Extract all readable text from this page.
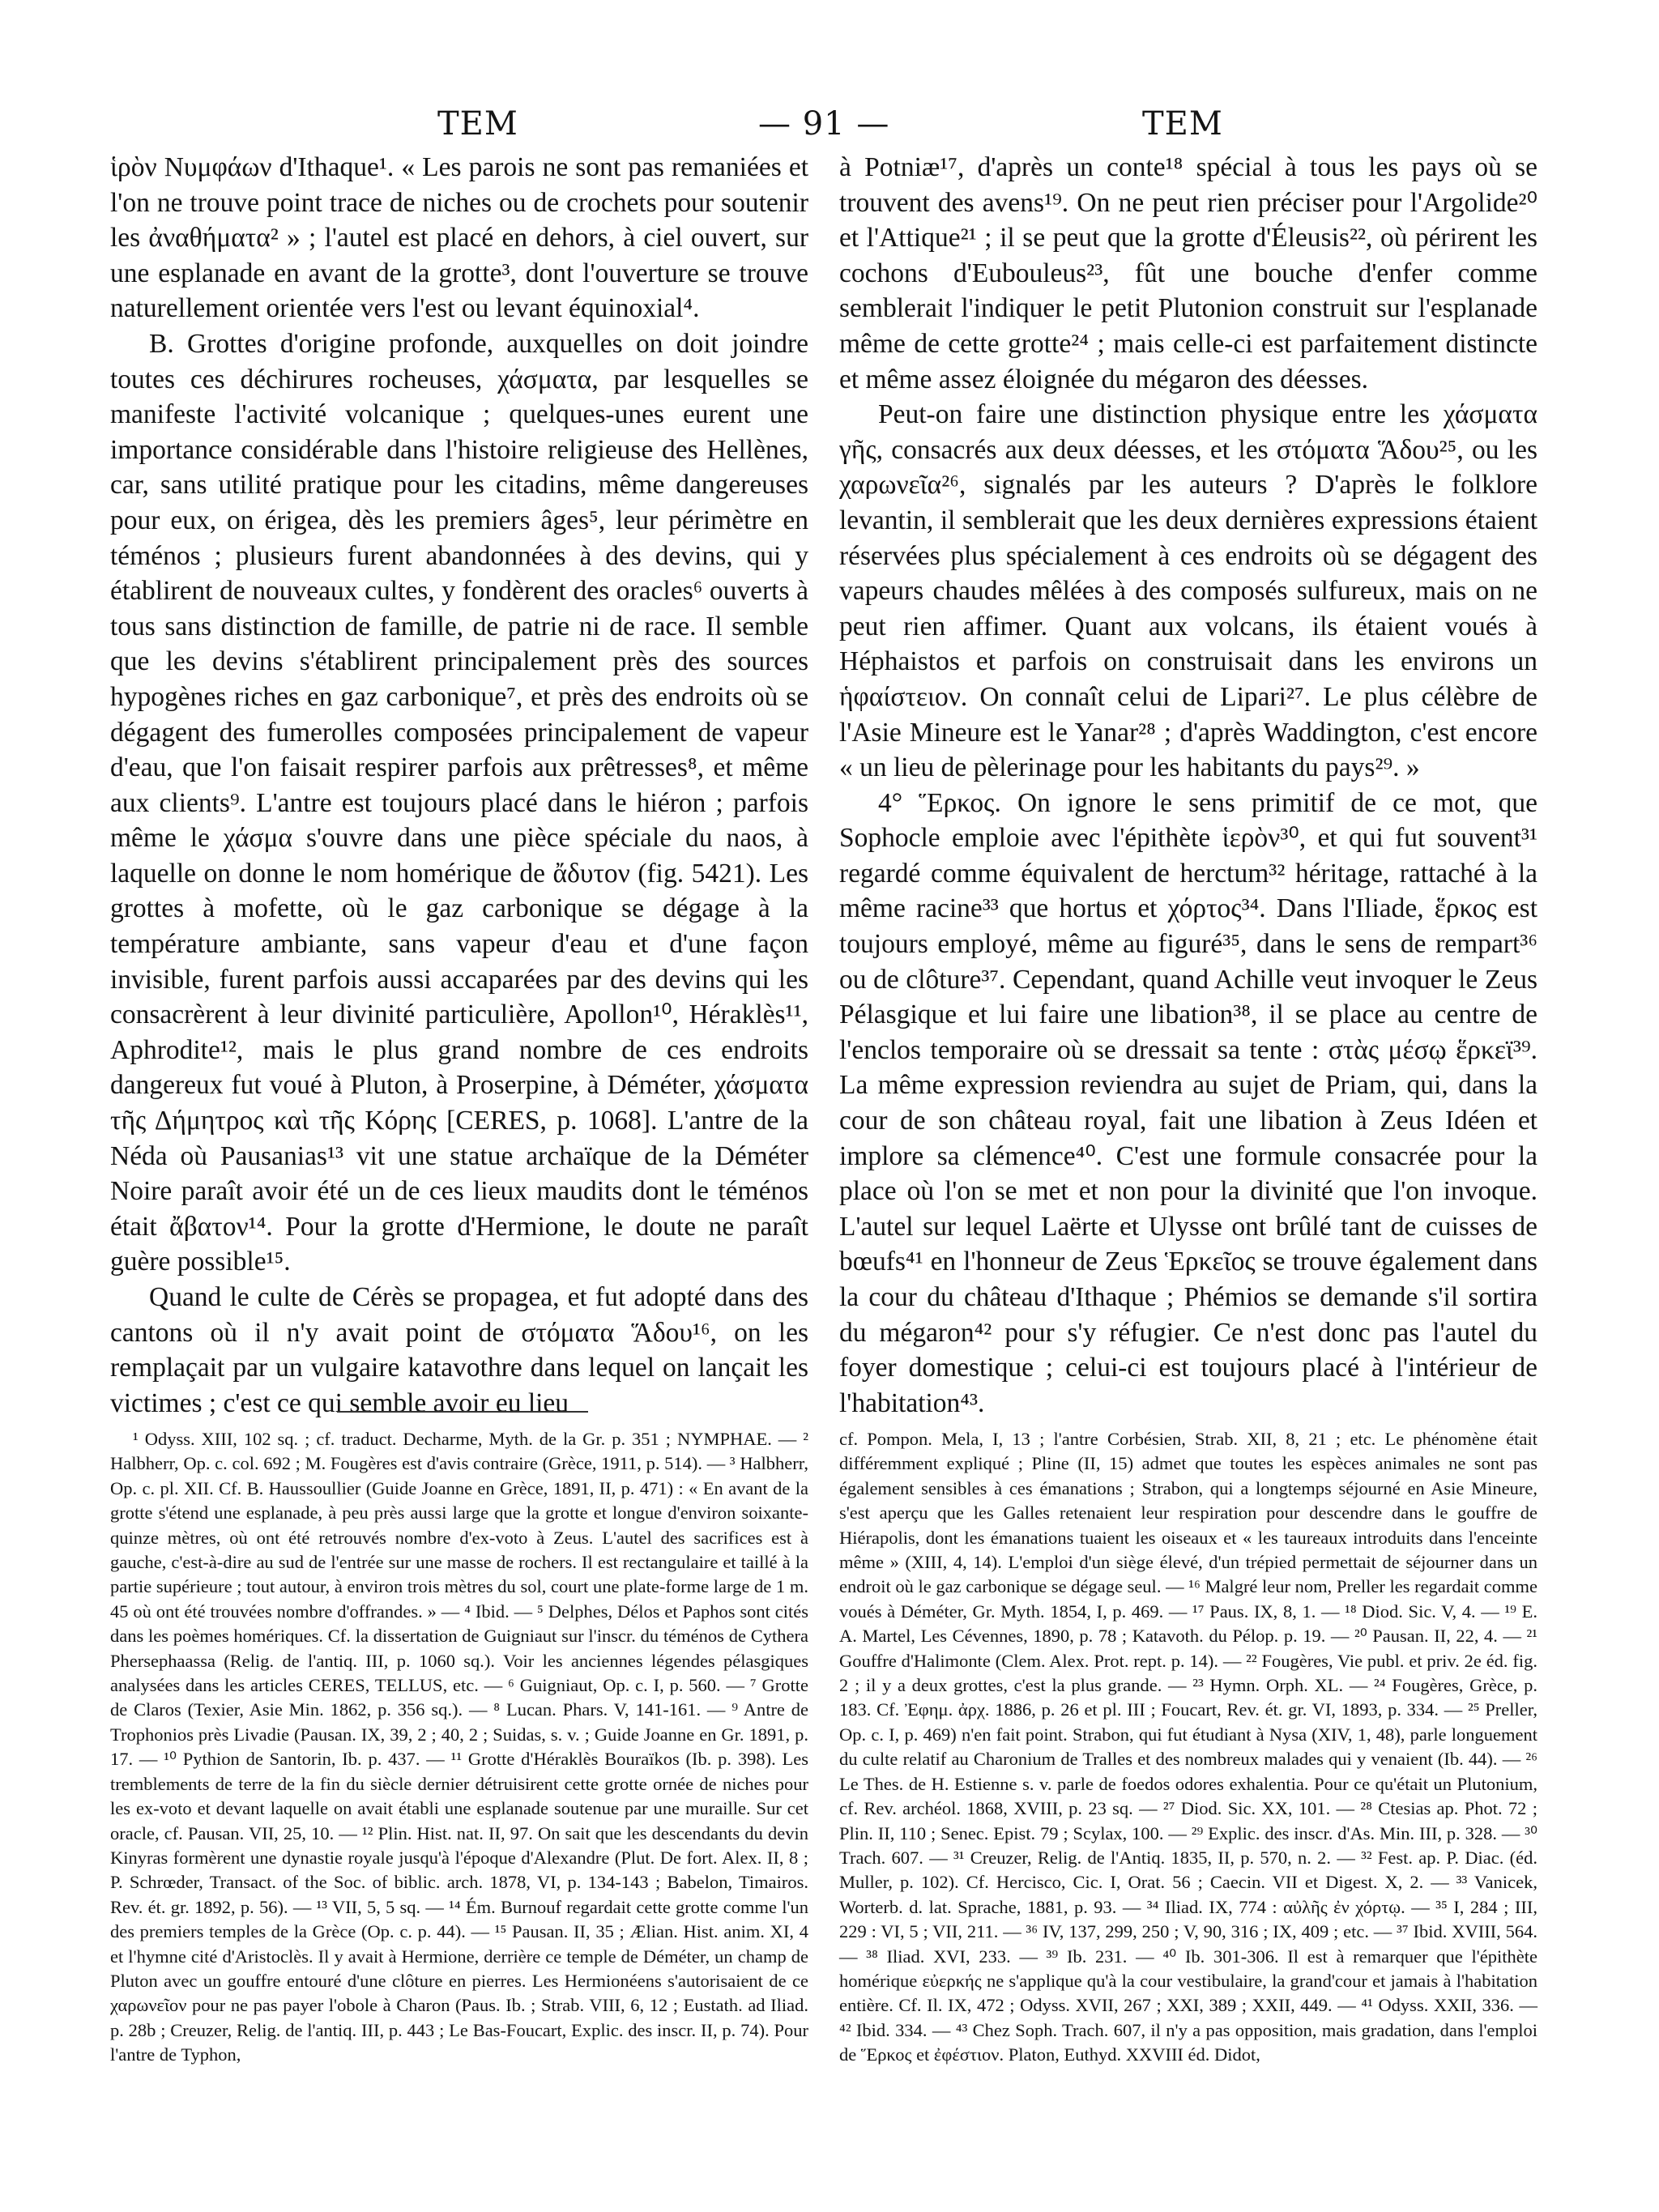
TEM	— 91 —	TEM

ἱρὸν Νυμφάων d'Ithaque¹. « Les parois ne sont pas remaniées et l'on ne trouve point trace de niches ou de crochets pour soutenir les ἀναθήματα² » ; l'autel est placé en dehors, à ciel ouvert, sur une esplanade en avant de la grotte³, dont l'ouverture se trouve naturellement orientée vers l'est ou levant équinoxial⁴.

B. Grottes d'origine profonde, auxquelles on doit joindre toutes ces déchirures rocheuses, χάσματα, par lesquelles se manifeste l'activité volcanique ; quelques-unes eurent une importance considérable dans l'histoire religieuse des Hellènes, car, sans utilité pratique pour les citadins, même dangereuses pour eux, on érigea, dès les premiers âges⁵, leur périmètre en téménos ; plusieurs furent abandonnées à des devins, qui y établirent de nouveaux cultes, y fondèrent des oracles⁶ ouverts à tous sans distinction de famille, de patrie ni de race. Il semble que les devins s'établirent principalement près des sources hypogènes riches en gaz carbonique⁷, et près des endroits où se dégagent des fumerolles composées principalement de vapeur d'eau, que l'on faisait respirer parfois aux prêtresses⁸, et même aux clients⁹. L'antre est toujours placé dans le hiéron ; parfois même le χάσμα s'ouvre dans une pièce spéciale du naos, à laquelle on donne le nom homérique de ἄδυτον (fig. 5421). Les grottes à mofette, où le gaz carbonique se dégage à la température ambiante, sans vapeur d'eau et d'une façon invisible, furent parfois aussi accaparées par des devins qui les consacrèrent à leur divinité particulière, Apollon¹⁰, Héraklès¹¹, Aphrodite¹², mais le plus grand nombre de ces endroits dangereux fut voué à Pluton, à Proserpine, à Déméter, χάσματα τῆς Δήμητρος καὶ τῆς Κόρης [CERES, p. 1068]. L'antre de la Néda où Pausanias¹³ vit une statue archaïque de la Déméter Noire paraît avoir été un de ces lieux maudits dont le téménos était ἄβατον¹⁴. Pour la grotte d'Hermione, le doute ne paraît guère possible¹⁵.

Quand le culte de Cérès se propagea, et fut adopté dans des cantons où il n'y avait point de στόματα Ἅδου¹⁶, on les remplaçait par un vulgaire katavothre dans lequel on lançait les victimes ; c'est ce qui semble avoir eu lieu

à Potniæ¹⁷, d'après un conte¹⁸ spécial à tous les pays où se trouvent des avens¹⁹. On ne peut rien préciser pour l'Argolide²⁰ et l'Attique²¹ ; il se peut que la grotte d'Éleusis²², où périrent les cochons d'Eubouleus²³, fût une bouche d'enfer comme semblerait l'indiquer le petit Plutonion construit sur l'esplanade même de cette grotte²⁴ ; mais celle-ci est parfaitement distincte et même assez éloignée du mégaron des déesses.

Peut-on faire une distinction physique entre les χάσματα γῆς, consacrés aux deux déesses, et les στόματα Ἅδου²⁵, ou les χαρωνεῖα²⁶, signalés par les auteurs ? D'après le folklore levantin, il semblerait que les deux dernières expressions étaient réservées plus spécialement à ces endroits où se dégagent des vapeurs chaudes mêlées à des composés sulfureux, mais on ne peut rien affimer. Quant aux volcans, ils étaient voués à Héphaistos et parfois on construisait dans les environs un ἡφαίστειον. On connaît celui de Lipari²⁷. Le plus célèbre de l'Asie Mineure est le Yanar²⁸ ; d'après Waddington, c'est encore « un lieu de pèlerinage pour les habitants du pays²⁹. »

4° Ἕρκος. On ignore le sens primitif de ce mot, que Sophocle emploie avec l'épithète ἱερὸν³⁰, et qui fut souvent³¹ regardé comme équivalent de herctum³² héritage, rattaché à la même racine³³ que hortus et χόρτος³⁴. Dans l'Iliade, ἕρκος est toujours employé, même au figuré³⁵, dans le sens de rempart³⁶ ou de clôture³⁷. Cependant, quand Achille veut invoquer le Zeus Pélasgique et lui faire une libation³⁸, il se place au centre de l'enclos temporaire où se dressait sa tente : στὰς μέσῳ ἕρκεϊ³⁹. La même expression reviendra au sujet de Priam, qui, dans la cour de son château royal, fait une libation à Zeus Idéen et implore sa clémence⁴⁰. C'est une formule consacrée pour la place où l'on se met et non pour la divinité que l'on invoque. L'autel sur lequel Laërte et Ulysse ont brûlé tant de cuisses de bœufs⁴¹ en l'honneur de Zeus Ἑρκεῖος se trouve également dans la cour du château d'Ithaque ; Phémios se demande s'il sortira du mégaron⁴² pour s'y réfugier. Ce n'est donc pas l'autel du foyer domestique ; celui-ci est toujours placé à l'intérieur de l'habitation⁴³.

¹ Odyss. XIII, 102 sq. ; cf. traduct. Decharme, Myth. de la Gr. p. 351 ; NYMPHAE. — ² Halbherr, Op. c. col. 692 ; M. Fougères est d'avis contraire (Grèce, 1911, p. 514). — ³ Halbherr, Op. c. pl. XII. Cf. B. Haussoullier (Guide Joanne en Grèce, 1891, II, p. 471) : « En avant de la grotte s'étend une esplanade, à peu près aussi large que la grotte et longue d'environ soixante-quinze mètres, où ont été retrouvés nombre d'ex-voto à Zeus. L'autel des sacrifices est à gauche, c'est-à-dire au sud de l'entrée sur une masse de rochers. Il est rectangulaire et taillé à la partie supérieure ; tout autour, à environ trois mètres du sol, court une plate-forme large de 1 m. 45 où ont été trouvées nombre d'offrandes. » — ⁴ Ibid. — ⁵ Delphes, Délos et Paphos sont cités dans les poèmes homériques. Cf. la dissertation de Guigniaut sur l'inscr. du téménos de Cythera Phersephaassa (Relig. de l'antiq. III, p. 1060 sq.). Voir les anciennes légendes pélasgiques analysées dans les articles CERES, TELLUS, etc. — ⁶ Guigniaut, Op. c. I, p. 560. — ⁷ Grotte de Claros (Texier, Asie Min. 1862, p. 356 sq.). — ⁸ Lucan. Phars. V, 141-161. — ⁹ Antre de Trophonios près Livadie (Pausan. IX, 39, 2 ; 40, 2 ; Suidas, s. v. ; Guide Joanne en Gr. 1891, p. 17. — ¹⁰ Pythion de Santorin, Ib. p. 437. — ¹¹ Grotte d'Héraklès Bouraïkos (Ib. p. 398). Les tremblements de terre de la fin du siècle dernier détruisirent cette grotte ornée de niches pour les ex-voto et devant laquelle on avait établi une esplanade soutenue par une muraille. Sur cet oracle, cf. Pausan. VII, 25, 10. — ¹² Plin. Hist. nat. II, 97. On sait que les descendants du devin Kinyras formèrent une dynastie royale jusqu'à l'époque d'Alexandre (Plut. De fort. Alex. II, 8 ; P. Schrœder, Transact. of the Soc. of biblic. arch. 1878, VI, p. 134-143 ; Babelon, Timairos. Rev. ét. gr. 1892, p. 56). — ¹³ VII, 5, 5 sq. — ¹⁴ Ém. Burnouf regardait cette grotte comme l'un des premiers temples de la Grèce (Op. c. p. 44). — ¹⁵ Pausan. II, 35 ; Ælian. Hist. anim. XI, 4 et l'hymne cité d'Aristoclès. Il y avait à Hermione, derrière ce temple de Déméter, un champ de Pluton avec un gouffre entouré d'une clôture en pierres. Les Hermionéens s'autorisaient de ce χαρωνεῖον pour ne pas payer l'obole à Charon (Paus. Ib. ; Strab. VIII, 6, 12 ; Eustath. ad Iliad. p. 28b ; Creuzer, Relig. de l'antiq. III, p. 443 ; Le Bas-Foucart, Explic. des inscr. II, p. 74). Pour l'antre de Typhon,

cf. Pompon. Mela, I, 13 ; l'antre Corbésien, Strab. XII, 8, 21 ; etc. Le phénomène était différemment expliqué ; Pline (II, 15) admet que toutes les espèces animales ne sont pas également sensibles à ces émanations ; Strabon, qui a longtemps séjourné en Asie Mineure, s'est aperçu que les Galles retenaient leur respiration pour descendre dans le gouffre de Hiérapolis, dont les émanations tuaient les oiseaux et « les taureaux introduits dans l'enceinte même » (XIII, 4, 14). L'emploi d'un siège élevé, d'un trépied permettait de séjourner dans un endroit où le gaz carbonique se dégage seul. — ¹⁶ Malgré leur nom, Preller les regardait comme voués à Déméter, Gr. Myth. 1854, I, p. 469. — ¹⁷ Paus. IX, 8, 1. — ¹⁸ Diod. Sic. V, 4. — ¹⁹ E. A. Martel, Les Cévennes, 1890, p. 78 ; Katavoth. du Pélop. p. 19. — ²⁰ Pausan. II, 22, 4. — ²¹ Gouffre d'Halimonte (Clem. Alex. Prot. rept. p. 14). — ²² Fougères, Vie publ. et priv. 2e éd. fig. 2 ; il y a deux grottes, c'est la plus grande. — ²³ Hymn. Orph. XL. — ²⁴ Fougères, Grèce, p. 183. Cf. Ἐφημ. ἀρχ. 1886, p. 26 et pl. III ; Foucart, Rev. ét. gr. VI, 1893, p. 334. — ²⁵ Preller, Op. c. I, p. 469) n'en fait point. Strabon, qui fut étudiant à Nysa (XIV, 1, 48), parle longuement du culte relatif au Charonium de Tralles et des nombreux malades qui y venaient (Ib. 44). — ²⁶ Le Thes. de H. Estienne s. v. parle de foedos odores exhalentia. Pour ce qu'était un Plutonium, cf. Rev. archéol. 1868, XVIII, p. 23 sq. — ²⁷ Diod. Sic. XX, 101. — ²⁸ Ctesias ap. Phot. 72 ; Plin. II, 110 ; Senec. Epist. 79 ; Scylax, 100. — ²⁹ Explic. des inscr. d'As. Min. III, p. 328. — ³⁰ Trach. 607. — ³¹ Creuzer, Relig. de l'Antiq. 1835, II, p. 570, n. 2. — ³² Fest. ap. P. Diac. (éd. Muller, p. 102). Cf. Hercisco, Cic. I, Orat. 56 ; Caecin. VII et Digest. X, 2. — ³³ Vanicek, Worterb. d. lat. Sprache, 1881, p. 93. — ³⁴ Iliad. IX, 774 : αὐλῆς ἐν χόρτῳ. — ³⁵ I, 284 ; III, 229 : VI, 5 ; VII, 211. — ³⁶ IV, 137, 299, 250 ; V, 90, 316 ; IX, 409 ; etc. — ³⁷ Ibid. XVIII, 564. — ³⁸ Iliad. XVI, 233. — ³⁹ Ib. 231. — ⁴⁰ Ib. 301-306. Il est à remarquer que l'épithète homérique εὐερκής ne s'applique qu'à la cour vestibulaire, la grand'cour et jamais à l'habitation entière. Cf. Il. IX, 472 ; Odyss. XVII, 267 ; XXI, 389 ; XXII, 449. — ⁴¹ Odyss. XXII, 336. — ⁴² Ibid. 334. — ⁴³ Chez Soph. Trach. 607, il n'y a pas opposition, mais gradation, dans l'emploi de Ἕρκος et ἐφέστιον. Platon, Euthyd. XXVIII éd. Didot,
